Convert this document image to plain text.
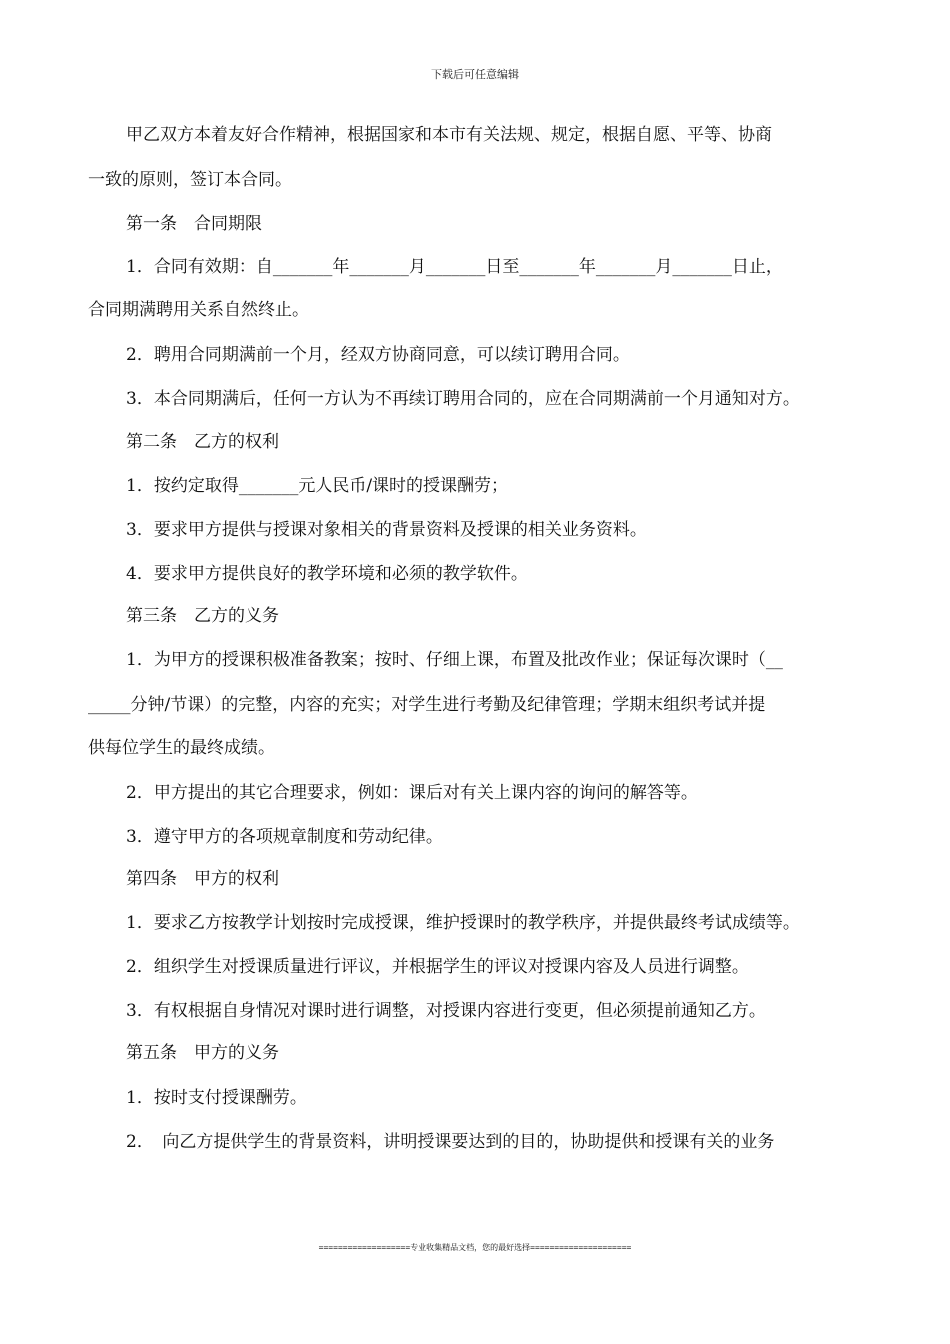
下载后可任意编辑
甲乙双方本着友好合作精神，根据国家和本市有关法规、规定，根据自愿、平等、协商
一致的原则，签订本合同。
第一条　合同期限
1．合同有效期：自_______年_______月_______日至_______年_______月_______日止，
合同期满聘用关系自然终止。
2．聘用合同期满前一个月，经双方协商同意，可以续订聘用合同。
3．本合同期满后，任何一方认为不再续订聘用合同的，应在合同期满前一个月通知对方。
第二条　乙方的权利
1．按约定取得_______元人民币/课时的授课酬劳；
3．要求甲方提供与授课对象相关的背景资料及授课的相关业务资料。
4．要求甲方提供良好的教学环境和必须的教学软件。
第三条　乙方的义务
1．为甲方的授课积极准备教案；按时、仔细上课，布置及批改作业；保证每次课时（__
_____分钟/节课）的完整，内容的充实；对学生进行考勤及纪律管理；学期末组织考试并提
供每位学生的最终成绩。
2．甲方提出的其它合理要求，例如：课后对有关上课内容的询问的解答等。
3．遵守甲方的各项规章制度和劳动纪律。
第四条　甲方的权利
1．要求乙方按教学计划按时完成授课，维护授课时的教学秩序，并提供最终考试成绩等。
2．组织学生对授课质量进行评议，并根据学生的评议对授课内容及人员进行调整。
3．有权根据自身情况对课时进行调整，对授课内容进行变更，但必须提前通知乙方。
第五条　甲方的义务
1．按时支付授课酬劳。
2．　向乙方提供学生的背景资料，讲明授课要达到的目的，协助提供和授课有关的业务
===================专业收集精品文档，您的最好选择=====================
